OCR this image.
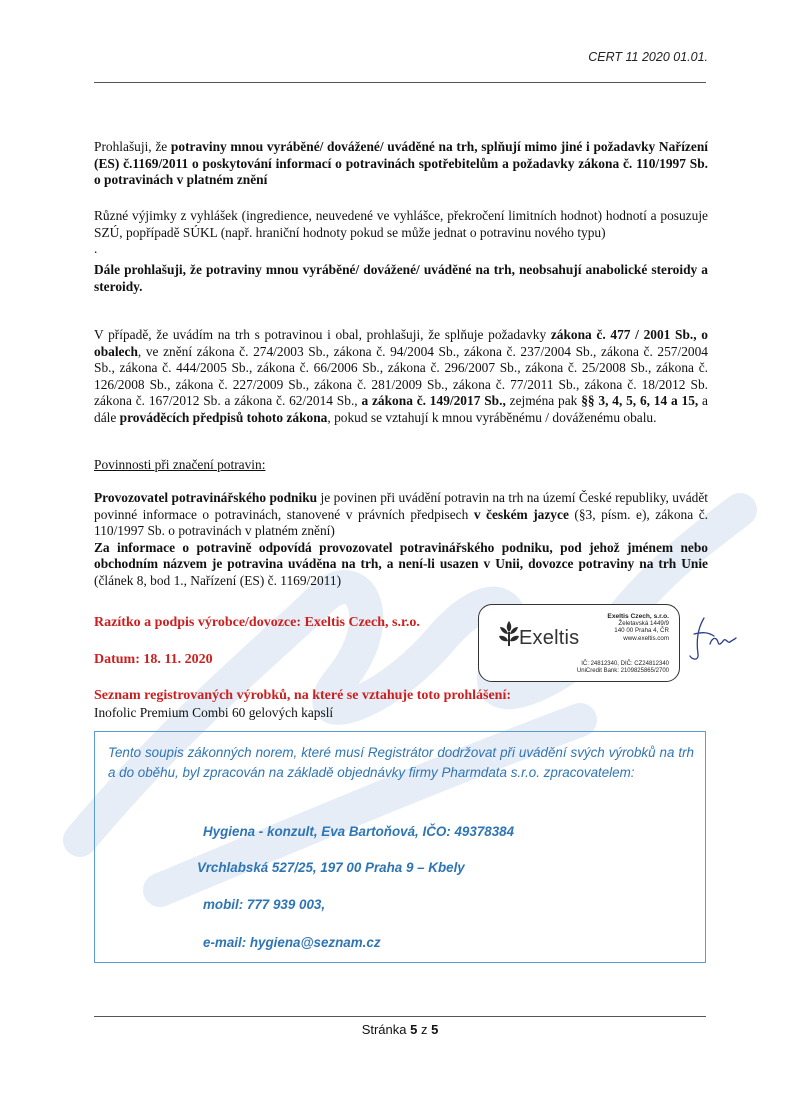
CERT 11 2020 01.01.

Prohlašuji, že potraviny mnou vyráběné/ dovážené/ uváděné na trh, splňují mimo jiné i požadavky Nařízení (ES) č.1169/2011 o poskytování informací o potravinách spotřebitelům a požadavky zákona č. 110/1997 Sb. o potravinách v platném znění

Různé výjimky z vyhlášek (ingredience, neuvedené ve vyhlášce, překročení limitních hodnot) hodnotí a posuzuje SZÚ, popřípadě SÚKL (např. hraniční hodnoty pokud se může jednat o potravinu nového typu)

.

Dále prohlašuji, že potraviny mnou vyráběné/ dovážené/ uváděné na trh, neobsahují anabolické steroidy a steroidy.

V případě, že uvádím na trh s potravinou i obal, prohlašuji, že splňuje požadavky zákona č. 477 / 2001 Sb., o obalech, ve znění zákona č. 274/2003 Sb., zákona č. 94/2004 Sb., zákona č. 237/2004 Sb., zákona č. 257/2004 Sb., zákona č. 444/2005 Sb., zákona č. 66/2006 Sb., zákona č. 296/2007 Sb., zákona č. 25/2008 Sb., zákona č. 126/2008 Sb., zákona č. 227/2009 Sb., zákona č. 281/2009 Sb., zákona č. 77/2011 Sb., zákona č. 18/2012 Sb. zákona č. 167/2012 Sb. a zákona č. 62/2014 Sb., a zákona č. 149/2017 Sb., zejména pak §§ 3, 4, 5, 6, 14 a 15, a dále prováděcích předpisů tohoto zákona, pokud se vztahují k mnou vyráběnému / dováženému obalu.

Povinnosti při značení potravin:

Provozovatel potravinářského podniku je povinen při uvádění potravin na trh na území České republiky, uvádět povinné informace o potravinách, stanovené v právních předpisech v českém jazyce (§3, písm. e), zákona č. 110/1997 Sb. o potravinách v platném znění)

Za informace o potravině odpovídá provozovatel potravinářského podniku, pod jehož jménem nebo obchodním názvem je potravina uváděna na trh, a není-li usazen v Unii, dovozce potraviny na trh Unie (článek 8, bod 1., Nařízení (ES) č. 1169/2011)

Razítko a podpis výrobce/dovozce: Exeltis Czech, s.r.o.
Datum: 18. 11. 2020
Exeltis
Exeltis Czech, s.r.o.
Želetavská 1449/9
140 00 Praha 4, ČR
www.exeltis.com
IČ: 24812340, DIČ: CZ24812340
UniCredit Bank: 2109825865/2700
Seznam registrovaných výrobků, na které se vztahuje toto prohlášení:
Inofolic Premium Combi 60 gelových kapslí
Tento soupis zákonných norem, které musí Registrátor dodržovat při uvádění svých výrobků na trh a do oběhu, byl zpracován na základě objednávky firmy Pharmdata s.r.o. zpracovatelem:
Hygiena - konzult, Eva Bartoňová, IČO: 49378384
Vrchlabská 527/25, 197 00 Praha 9 – Kbely
mobil: 777 939 003,
e-mail: hygiena@seznam.cz
Stránka 5 z 5
